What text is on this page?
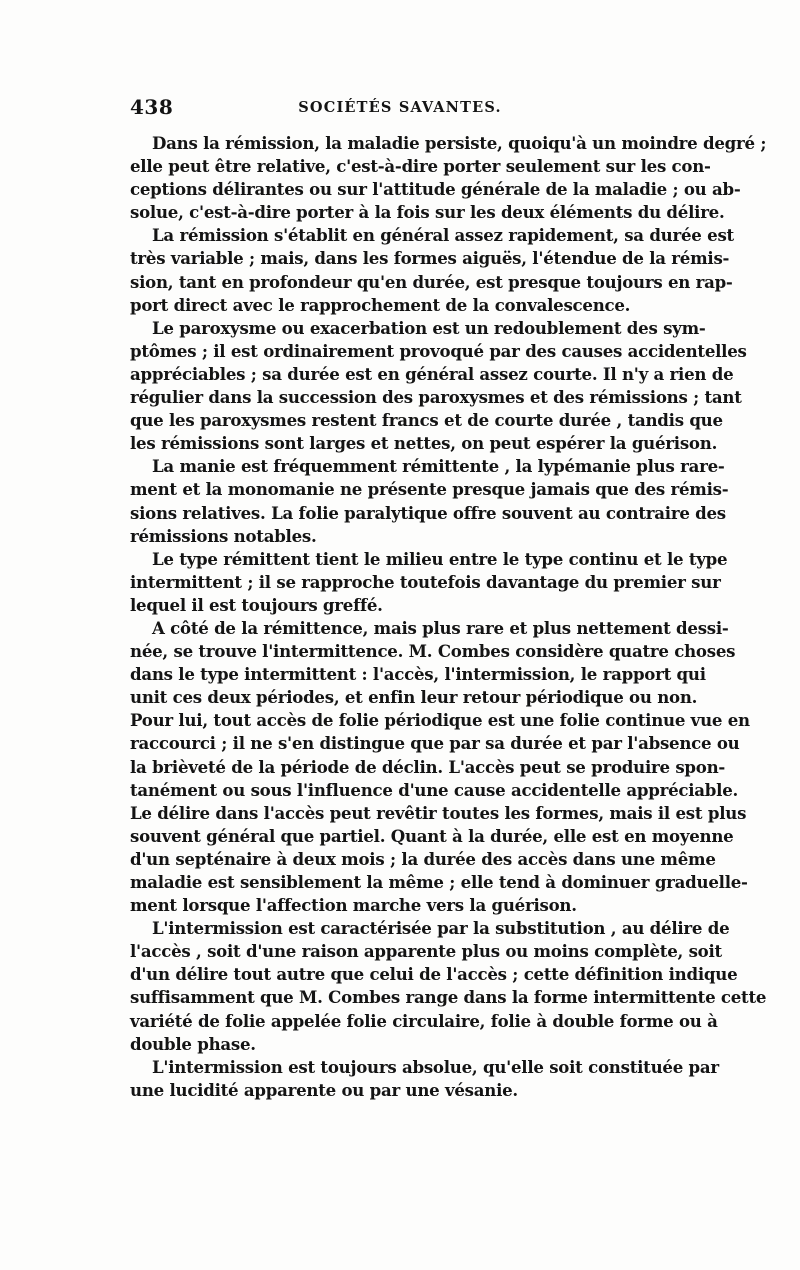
438	SOCIÉTÉS SAVANTES.

Dans la rémission, la maladie persiste, quoiqu'à un moindre degré ;
elle peut être relative, c'est-à-dire porter seulement sur les con-
ceptions délirantes ou sur l'attitude générale de la maladie ; ou ab-
solue, c'est-à-dire porter à la fois sur les deux éléments du délire.

La rémission s'établit en général assez rapidement, sa durée est
très variable ; mais, dans les formes aiguës, l'étendue de la rémis-
sion, tant en profondeur qu'en durée, est presque toujours en rap-
port direct avec le rapprochement de la convalescence.

Le paroxysme ou exacerbation est un redoublement des sym-
ptômes ; il est ordinairement provoqué par des causes accidentelles
appréciables ; sa durée est en général assez courte. Il n'y a rien de
régulier dans la succession des paroxysmes et des rémissions ; tant
que les paroxysmes restent francs et de courte durée , tandis que
les rémissions sont larges et nettes, on peut espérer la guérison.

La manie est fréquemment rémittente , la lypémanie plus rare-
ment et la monomanie ne présente presque jamais que des rémis-
sions relatives. La folie paralytique offre souvent au contraire des
rémissions notables.

Le type rémittent tient le milieu entre le type continu et le type
intermittent ; il se rapproche toutefois davantage du premier sur
lequel il est toujours greffé.

A côté de la rémittence, mais plus rare et plus nettement dessi-
née, se trouve l'intermittence. M. Combes considère quatre choses
dans le type intermittent : l'accès, l'intermission, le rapport qui
unit ces deux périodes, et enfin leur retour périodique ou non.
Pour lui, tout accès de folie périodique est une folie continue vue en
raccourci ; il ne s'en distingue que par sa durée et par l'absence ou
la brièveté de la période de déclin. L'accès peut se produire spon-
tanément ou sous l'influence d'une cause accidentelle appréciable.
Le délire dans l'accès peut revêtir toutes les formes, mais il est plus
souvent général que partiel. Quant à la durée, elle est en moyenne
d'un septénaire à deux mois ; la durée des accès dans une même
maladie est sensiblement la même ; elle tend à dominuer graduelle-
ment lorsque l'affection marche vers la guérison.

L'intermission est caractérisée par la substitution , au délire de
l'accès , soit d'une raison apparente plus ou moins complète, soit
d'un délire tout autre que celui de l'accès ; cette définition indique
suffisamment que M. Combes range dans la forme intermittente cette
variété de folie appelée folie circulaire, folie à double forme ou à
double phase.

L'intermission est toujours absolue, qu'elle soit constituée par
une lucidité apparente ou par une vésanie.
